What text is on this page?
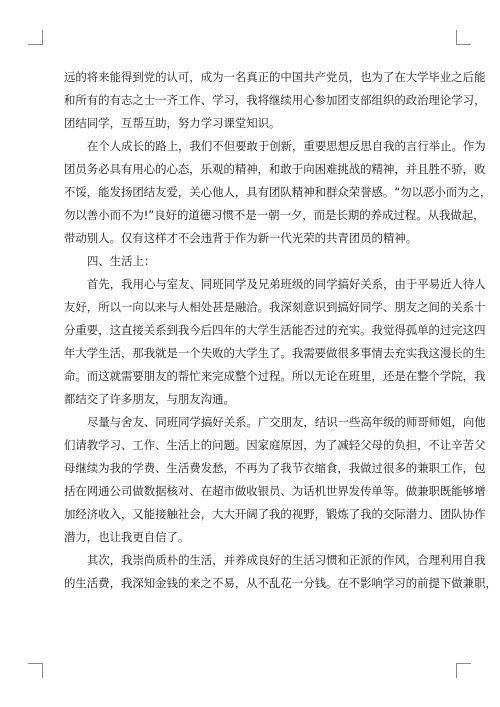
远的将来能得到党的认可，成为一名真正的中国共产党员，也为了在大学毕业之后能
和所有的有志之士一齐工作、学习，我将继续用心参加团支部组织的政治理论学习，
团结同学，互帮互助，努力学习课堂知识。
在个人成长的路上，我们不但要敢于创新，重要思想反思自我的言行举止。作为
团员务必具有用心的心态，乐观的精神，和敢于向困难挑战的精神，并且胜不骄，败
不馁，能发扬团结友爱，关心他人，具有团队精神和群众荣誉感。“勿以恶小而为之，
勿以善小而不为!”良好的道德习惯不是一朝一夕，而是长期的养成过程。从我做起，
带动别人。仅有这样才不会违背于作为新一代光荣的共青团员的精神。
四、生活上：
首先，我用心与室友、同班同学及兄弟班级的同学搞好关系，由于平易近人待人
友好，所以一向以来与人相处甚是融洽。我深刻意识到搞好同学、朋友之间的关系十
分重要，这直接关系到我今后四年的大学生活能否过的充实。我觉得孤单的过完这四
年大学生活，那我就是一个失败的大学生了。我需要做很多事情去充实我这漫长的生
命。而这就需要朋友的帮忙来完成整个过程。所以无论在班里，还是在整个学院，我
都结交了许多朋友，与朋友沟通。
尽量与舍友、同班同学搞好关系。广交朋友，结识一些高年级的师哥师姐，向他
们请教学习、工作、生活上的问题。因家庭原因，为了减轻父母的负担，不让辛苦父
母继续为我的学费、生活费发愁，不再为了我节衣缩食，我做过很多的兼职工作，包
括在网通公司做数据核对、在超市做收银员、为话机世界发传单等。做兼职既能够增
加经济收入，又能接触社会，大大开阔了我的视野，锻炼了我的交际潜力、团队协作
潜力，也让我更自信了。
其次，我崇尚质朴的生活，并养成良好的生活习惯和正派的作风，合理利用自我
的生活费，我深知金钱的来之不易，从不乱花一分钱。在不影响学习的前提下做兼职，
